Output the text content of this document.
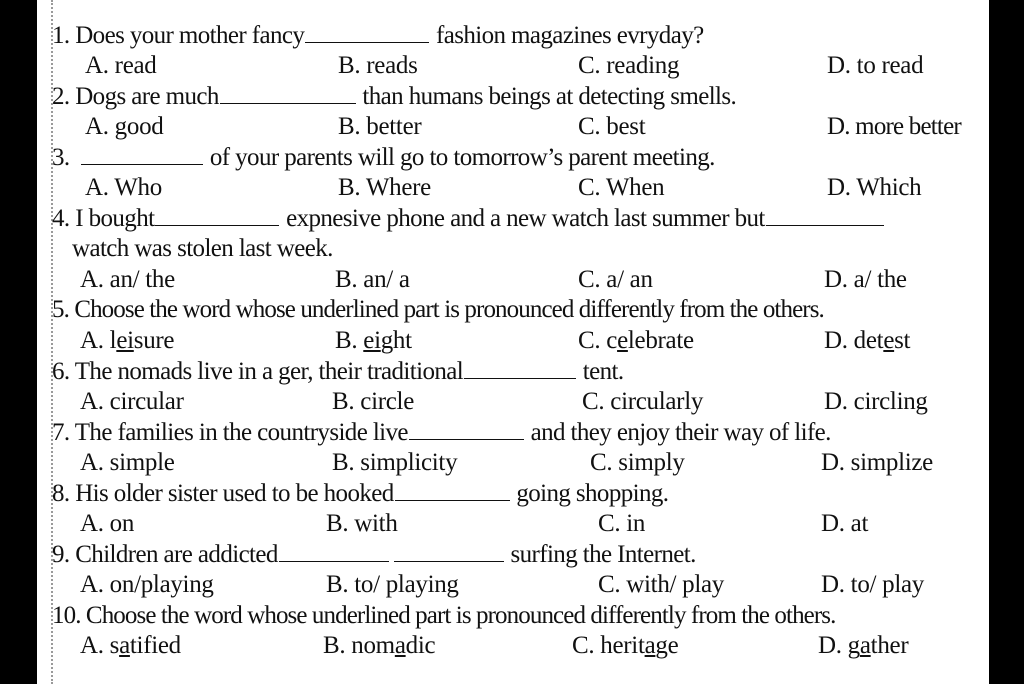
1. Does your mother fancy	fashion magazines evryday?
A. read	B. reads	C. reading	D. to read
2. Dogs are much	than humans beings at detecting smells.
A. good	B. better	C. best	D. more better
3.	of your parents will go to tomorrow’s parent meeting.
A. Who	B. Where	C. When	D. Which
4. I bought	expnesive phone and a new watch last summer but
watch was stolen last week.
A. an/ the	B. an/ a	C. a/ an	D. a/ the
5. Choose the word whose underlined part is pronounced differently from the others.
A. leisure	B. eight	C. celebrate	D. detest
6. The nomads live in a ger, their traditional	tent.
A. circular	B. circle	C. circularly	D. circling
7. The families in the countryside live	and they enjoy their way of life.
A. simple	B. simplicity	C. simply	D. simplize
8. His older sister used to be hooked	going shopping.
A. on	B. with	C. in	D. at
9. Children are addicted	surfing the Internet.
A. on/playing	B. to/ playing	C. with/ play	D. to/ play
10. Choose the word whose underlined part is pronounced differently from the others.
A. satified	B. nomadic	C. heritage	D. gather
